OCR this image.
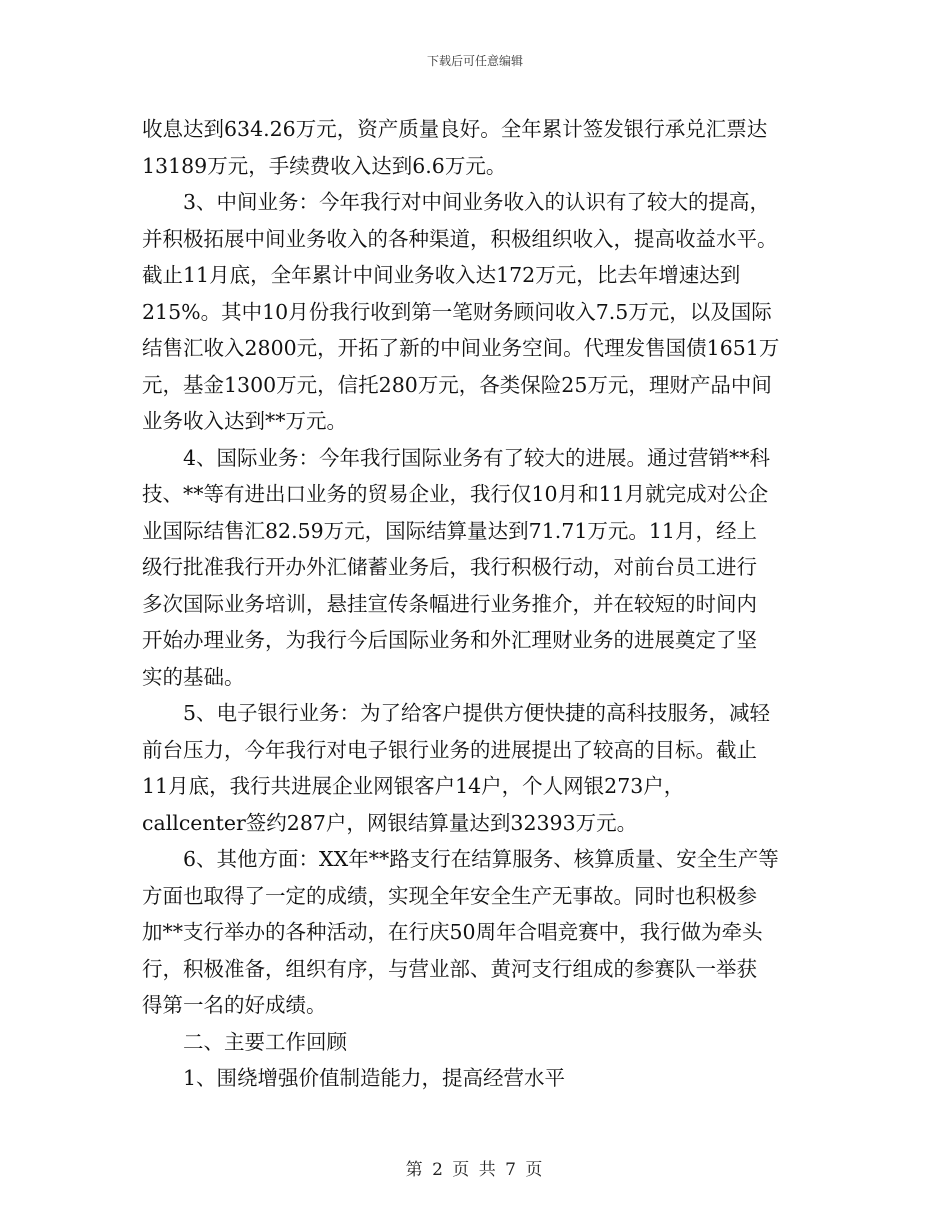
下载后可任意编辑
收息达到634.26万元，资产质量良好。全年累计签发银行承兑汇票达
13189万元，手续费收入达到6.6万元。
3、中间业务：今年我行对中间业务收入的认识有了较大的提高，
并积极拓展中间业务收入的各种渠道，积极组织收入，提高收益水平。
截止11月底，全年累计中间业务收入达172万元，比去年增速达到
215%。其中10月份我行收到第一笔财务顾问收入7.5万元，以及国际
结售汇收入2800元，开拓了新的中间业务空间。代理发售国债1651万
元，基金1300万元，信托280万元，各类保险25万元，理财产品中间
业务收入达到**万元。
4、国际业务：今年我行国际业务有了较大的进展。通过营销**科
技、**等有进出口业务的贸易企业，我行仅10月和11月就完成对公企
业国际结售汇82.59万元，国际结算量达到71.71万元。11月，经上
级行批准我行开办外汇储蓄业务后，我行积极行动，对前台员工进行
多次国际业务培训，悬挂宣传条幅进行业务推介，并在较短的时间内
开始办理业务，为我行今后国际业务和外汇理财业务的进展奠定了坚
实的基础。
5、电子银行业务：为了给客户提供方便快捷的高科技服务，减轻
前台压力，今年我行对电子银行业务的进展提出了较高的目标。截止
11月底，我行共进展企业网银客户14户，个人网银273户，
callcenter签约287户，网银结算量达到32393万元。
6、其他方面：XX年**路支行在结算服务、核算质量、安全生产等
方面也取得了一定的成绩，实现全年安全生产无事故。同时也积极参
加**支行举办的各种活动，在行庆50周年合唱竞赛中，我行做为牵头
行，积极准备，组织有序，与营业部、黄河支行组成的参赛队一举获
得第一名的好成绩。
二、主要工作回顾
1、围绕增强价值制造能力，提高经营水平
第 2 页 共 7 页
